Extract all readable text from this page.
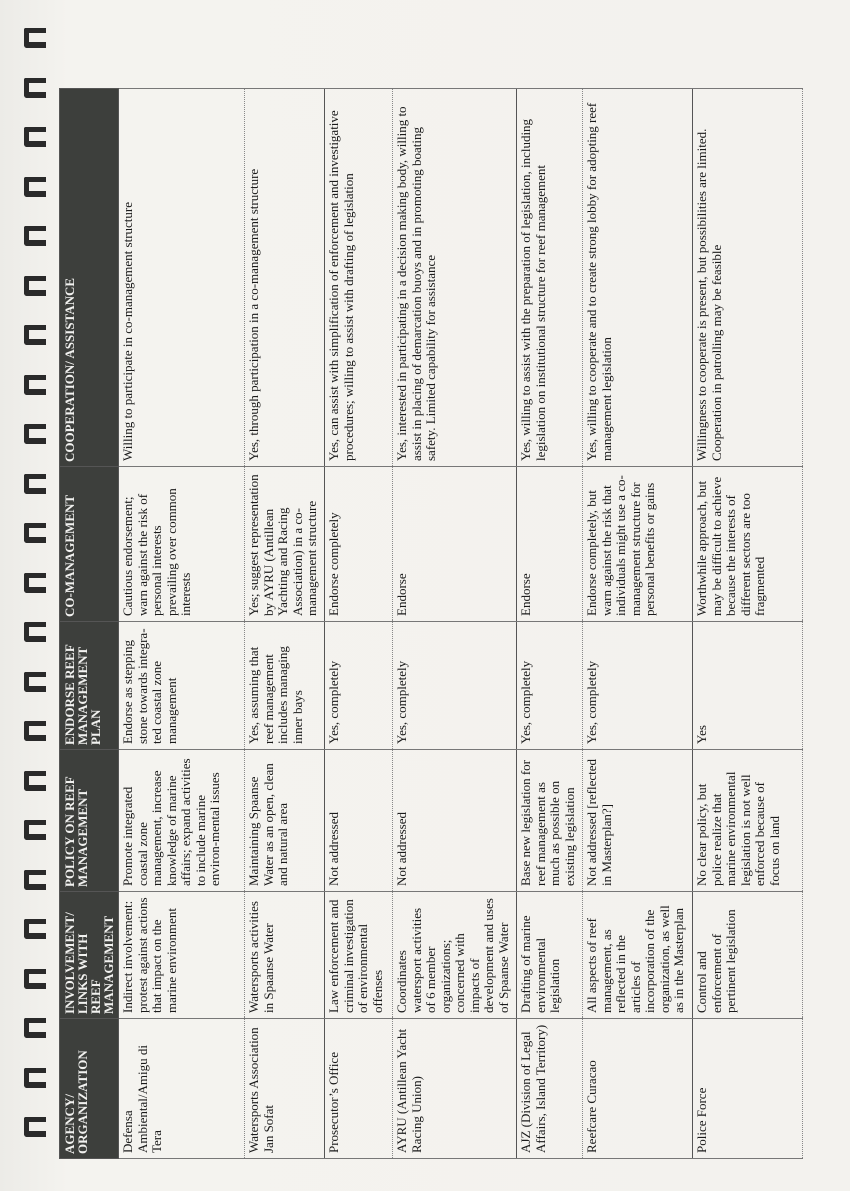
AGENCY/ ORGANIZATION	INVOLVEMENT/ LINKS WITH REEF MANAGEMENT	POLICY ON REEF MANAGEMENT	ENDORSE REEF MANAGEMENT PLAN	CO-MANAGEMENT	COOPERATION/ ASSISTANCE
Defensa Ambiental/Amigu di Tera	Indirect involvement: protest against actions that impact on the marine environment	Promote integrated coastal zone management, increase knowledge of marine affairs; expand activities to include marine environ-mental issues	Endorse as stepping stone towards integra-ted coastal zone management	Cautious endorsement; warn against the risk of personal interests prevailing over common interests	Willing to participate in co-management structure
Watersports Association Jan Sofat	Watersports activities in Spaanse Water	Maintaining Spaanse Water as an open, clean and natural area	Yes, assuming that reef management includes managing inner bays	Yes; suggest representation by AYRU (Antillean Yachting and Racing Association) in a co-management structure	Yes, through participation in a co-management structure
Prosecutor’s Office	Law enforcement and criminal investigation of environmental offenses	Not addressed	Yes, completely	Endorse completely	Yes, can assist with simplification of enforcement and investigative procedures; willing to assist with drafting of legislation
AYRU (Antillean Yacht Racing Union)	Coordinates watersport activities of 6 member organizations; concerned with impacts of development and uses of Spaanse Water	Not addressed	Yes, completely	Endorse	Yes, interested in participating in a decision making body, willing to assist in placing of demarcation buoys and in promoting boating safety. Limited capability for assistance
AJZ (Division of Legal Affairs, Island Territory)	Drafting of marine environmental legislation	Base new legislation for reef management as much as possible on existing legislation	Yes, completely	Endorse	Yes, willing to assist with the preparation of legislation, including legislation on institutional structure for reef management
Reefcare Curacao	All aspects of reef management, as reflected in the articles of incorporation of the organization, as well as in the Masterplan	Not addressed [reflected in Masterplan?]	Yes, completely	Endorse completely, but warn against the risk that individuals might use a co-management structure for personal benefits or gains	Yes, willing to cooperate and to create strong lobby for adopting reef management legislation
Police Force	Control and enforcement of pertinent legislation	No clear policy, but police realize that marine environmental legislation is not well enforced because of focus on land	Yes	Worthwhile approach, but may be difficult to achieve because the interests of different sectors are too fragmented	Willingness to cooperate is present, but possibilities are limited. Cooperation in patrolling may be feasible
